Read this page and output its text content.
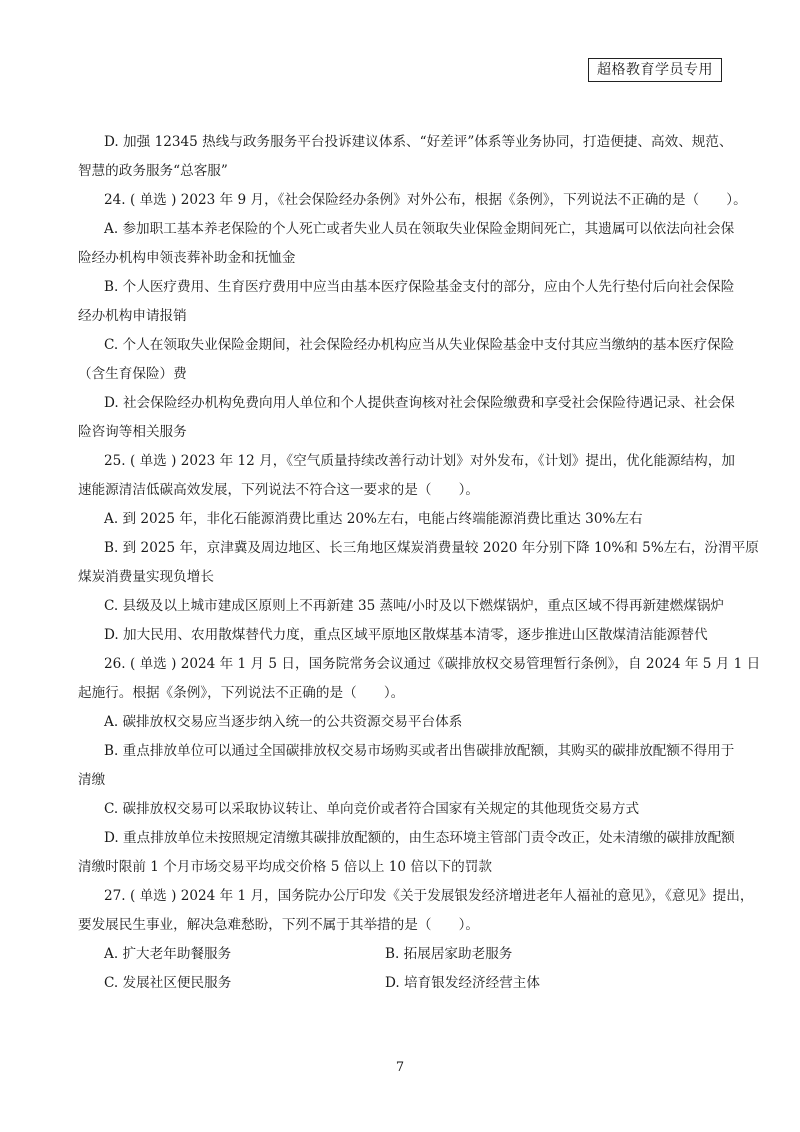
超格教育学员专用
D. 加强 12345 热线与政务服务平台投诉建议体系、“好差评”体系等业务协同，打造便捷、高效、规范、
智慧的政务服务“总客服”
24. ( 单选 ) 2023 年 9 月，《社会保险经办条例》对外公布，根据《条例》，下列说法不正确的是（　　）。
A. 参加职工基本养老保险的个人死亡或者失业人员在领取失业保险金期间死亡，其遗属可以依法向社会保
险经办机构申领丧葬补助金和抚恤金
B. 个人医疗费用、生育医疗费用中应当由基本医疗保险基金支付的部分，应由个人先行垫付后向社会保险
经办机构申请报销
C. 个人在领取失业保险金期间，社会保险经办机构应当从失业保险基金中支付其应当缴纳的基本医疗保险
（含生育保险）费
D. 社会保险经办机构免费向用人单位和个人提供查询核对社会保险缴费和享受社会保险待遇记录、社会保
险咨询等相关服务
25. ( 单选 ) 2023 年 12 月，《空气质量持续改善行动计划》对外发布，《计划》提出，优化能源结构，加
速能源清洁低碳高效发展，下列说法不符合这一要求的是（　　）。
A. 到 2025 年，非化石能源消费比重达 20%左右，电能占终端能源消费比重达 30%左右
B. 到 2025 年，京津冀及周边地区、长三角地区煤炭消费量较 2020 年分别下降 10%和 5%左右，汾渭平原
煤炭消费量实现负增长
C. 县级及以上城市建成区原则上不再新建 35 蒸吨/小时及以下燃煤锅炉，重点区域不得再新建燃煤锅炉
D. 加大民用、农用散煤替代力度，重点区域平原地区散煤基本清零，逐步推进山区散煤清洁能源替代
26. ( 单选 ) 2024 年 1 月 5 日，国务院常务会议通过《碳排放权交易管理暂行条例》，自 2024 年 5 月 1 日
起施行。根据《条例》，下列说法不正确的是（　　）。
A. 碳排放权交易应当逐步纳入统一的公共资源交易平台体系
B. 重点排放单位可以通过全国碳排放权交易市场购买或者出售碳排放配额，其购买的碳排放配额不得用于
清缴
C. 碳排放权交易可以采取协议转让、单向竞价或者符合国家有关规定的其他现货交易方式
D. 重点排放单位未按照规定清缴其碳排放配额的，由生态环境主管部门责令改正，处未清缴的碳排放配额
清缴时限前 1 个月市场交易平均成交价格 5 倍以上 10 倍以下的罚款
27. ( 单选 ) 2024 年 1 月，国务院办公厅印发《关于发展银发经济增进老年人福祉的意见》，《意见》提出，
要发展民生事业，解决急难愁盼，下列不属于其举措的是（　　）。
A. 扩大老年助餐服务	B. 拓展居家助老服务
C. 发展社区便民服务	D. 培育银发经济经营主体
7
